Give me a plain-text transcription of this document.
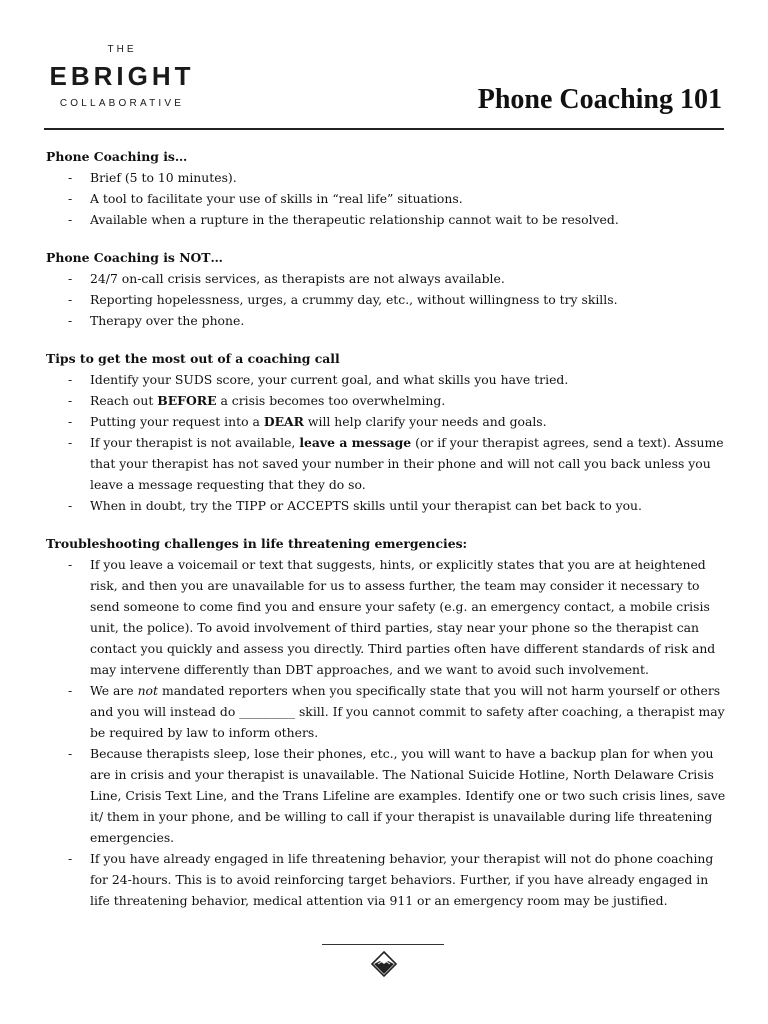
THE
EBRIGHT
COLLABORATIVE	Phone Coaching 101
Phone Coaching is…
- Brief (5 to 10 minutes).
- A tool to facilitate your use of skills in “real life” situations.
- Available when a rupture in the therapeutic relationship cannot wait to be resolved.
Phone Coaching is NOT…
- 24/7 on-call crisis services, as therapists are not always available.
- Reporting hopelessness, urges, a crummy day, etc., without willingness to try skills.
- Therapy over the phone.
Tips to get the most out of a coaching call
- Identify your SUDS score, your current goal, and what skills you have tried.
- Reach out BEFORE a crisis becomes too overwhelming.
- Putting your request into a DEAR will help clarify your needs and goals.
- If your therapist is not available, leave a message (or if your therapist agrees, send a text). Assume that your therapist has not saved your number in their phone and will not call you back unless you leave a message requesting that they do so.
- When in doubt, try the TIPP or ACCEPTS skills until your therapist can bet back to you.
Troubleshooting challenges in life threatening emergencies:
- If you leave a voicemail or text that suggests, hints, or explicitly states that you are at heightened risk, and then you are unavailable for us to assess further, the team may consider it necessary to send someone to come find you and ensure your safety (e.g. an emergency contact, a mobile crisis unit, the police). To avoid involvement of third parties, stay near your phone so the therapist can contact you quickly and assess you directly. Third parties often have different standards of risk and may intervene differently than DBT approaches, and we want to avoid such involvement.
- We are not mandated reporters when you specifically state that you will not harm yourself or others and you will instead do _________ skill. If you cannot commit to safety after coaching, a therapist may be required by law to inform others.
- Because therapists sleep, lose their phones, etc., you will want to have a backup plan for when you are in crisis and your therapist is unavailable. The National Suicide Hotline, North Delaware Crisis Line, Crisis Text Line, and the Trans Lifeline are examples. Identify one or two such crisis lines, save it/ them in your phone, and be willing to call if your therapist is unavailable during life threatening emergencies.
- If you have already engaged in life threatening behavior, your therapist will not do phone coaching for 24-hours. This is to avoid reinforcing target behaviors. Further, if you have already engaged in life threatening behavior, medical attention via 911 or an emergency room may be justified.
